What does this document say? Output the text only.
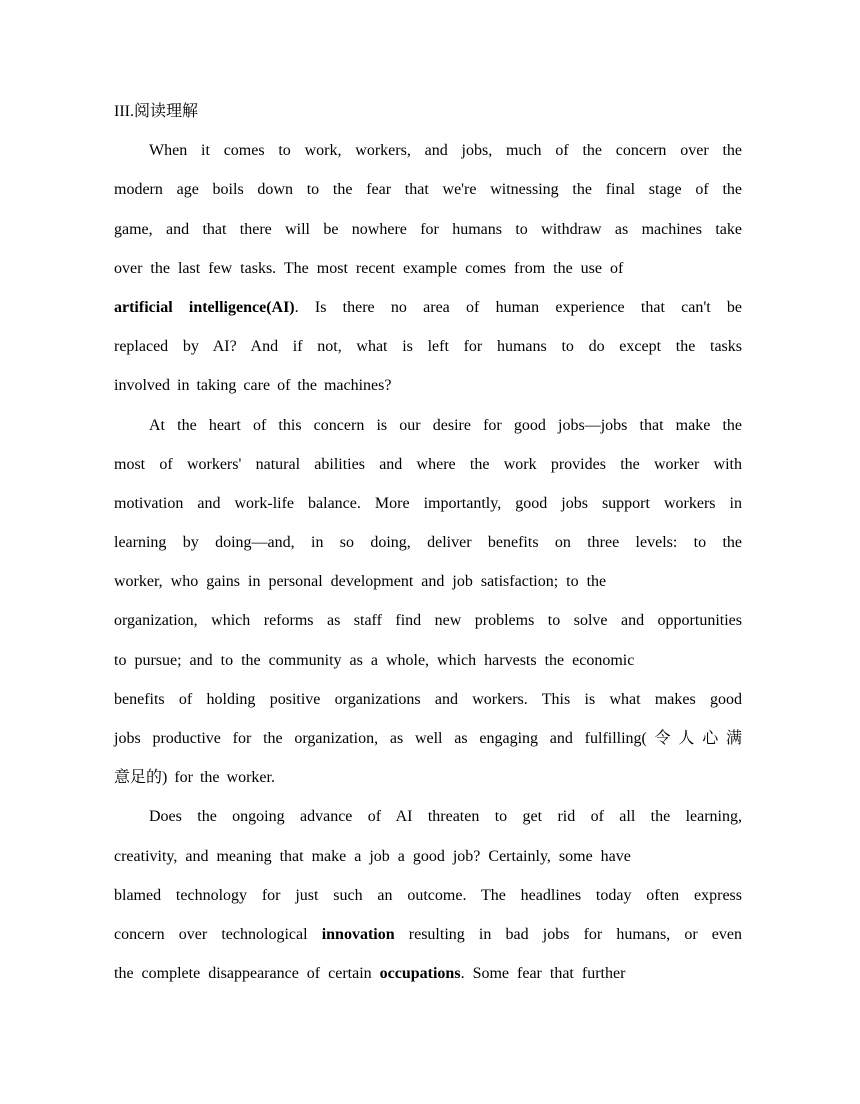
III.阅读理解
When it comes to work, workers, and jobs, much of the concern over the
modern age boils down to the fear that we're witnessing the final stage of the
game, and that there will be nowhere for humans to withdraw as machines take
over the last few tasks. The most recent example comes from the use of
artificial intelligence(AI). Is there no area of human experience that can't be
replaced by AI? And if not, what is left for humans to do except the tasks
involved in taking care of the machines?
At the heart of this concern is our desire for good jobs—jobs that make the
most of workers' natural abilities and where the work provides the worker with
motivation and work-life balance. More importantly, good jobs support workers in
learning by doing—and, in so doing, deliver benefits on three levels: to the
worker, who gains in personal development and job satisfaction; to the
organization, which reforms as staff find new problems to solve and opportunities
to pursue; and to the community as a whole, which harvests the economic
benefits of holding positive organizations and workers. This is what makes good
jobs productive for the organization, as well as engaging and fulfilling(令人心满
意足的) for the worker.
Does the ongoing advance of AI threaten to get rid of all the learning,
creativity, and meaning that make a job a good job? Certainly, some have
blamed technology for just such an outcome. The headlines today often express
concern over technological innovation resulting in bad jobs for humans, or even
the complete disappearance of certain occupations. Some fear that further
